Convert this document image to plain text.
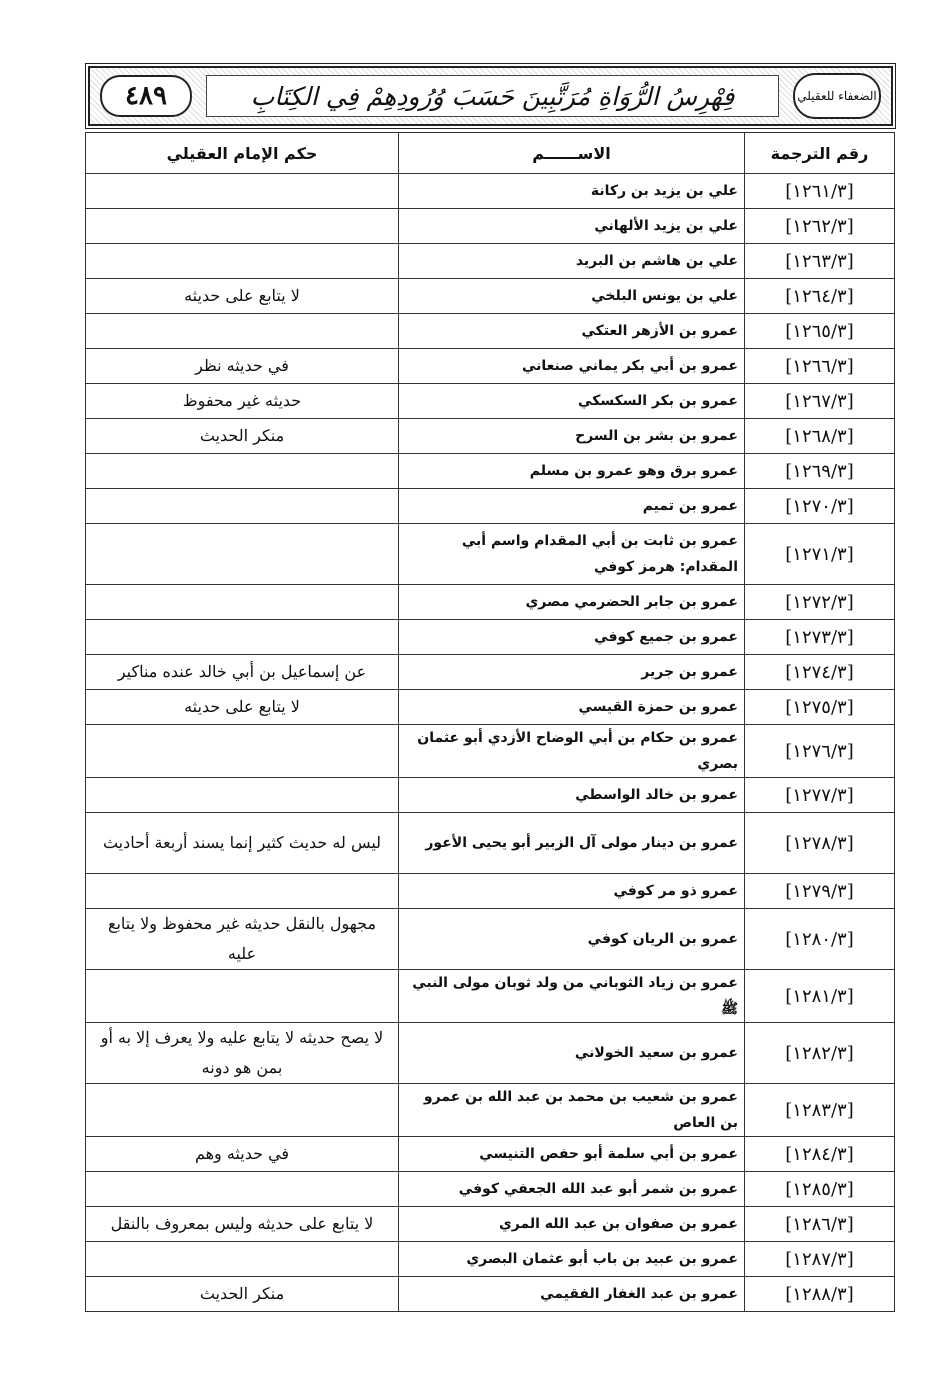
٤٨٩	فِهْرِسُ الرُّوَاةِ مُرَتَّبِينَ حَسَبَ وُرُودِهِمْ فِي الكِتَابِ	الضعفاء للعقيلي
رقم الترجمة	الاســــــم	حكم الإمام العقيلي
[١٢٦١/٣]	علي بن يزيد بن ركانة	
[١٢٦٢/٣]	علي بن يزيد الألهاني	
[١٢٦٣/٣]	علي بن هاشم بن البريد	
[١٢٦٤/٣]	علي بن يونس البلخي	لا يتابع على حديثه
[١٢٦٥/٣]	عمرو بن الأزهر العتكي	
[١٢٦٦/٣]	عمرو بن أبي بكر يماني صنعاني	في حديثه نظر
[١٢٦٧/٣]	عمرو بن بكر السكسكي	حديثه غير محفوظ
[١٢٦٨/٣]	عمرو بن بشر بن السرح	منكر الحديث
[١٢٦٩/٣]	عمرو برق وهو عمرو بن مسلم	
[١٢٧٠/٣]	عمرو بن تميم	
[١٢٧١/٣]	عمرو بن ثابت بن أبي المقدام واسم أبي المقدام: هرمز كوفي	
[١٢٧٢/٣]	عمرو بن جابر الحضرمي مصري	
[١٢٧٣/٣]	عمرو بن جميع كوفي	
[١٢٧٤/٣]	عمرو بن جرير	عن إسماعيل بن أبي خالد عنده مناكير
[١٢٧٥/٣]	عمرو بن حمزة القيسي	لا يتابع على حديثه
[١٢٧٦/٣]	عمرو بن حكام بن أبي الوضاح الأزدي أبو عثمان بصري	
[١٢٧٧/٣]	عمرو بن خالد الواسطي	
[١٢٧٨/٣]	عمرو بن دينار مولى آل الزبير أبو يحيى الأعور	ليس له حديث كثير إنما يسند أربعة أحاديث
[١٢٧٩/٣]	عمرو ذو مر كوفي	
[١٢٨٠/٣]	عمرو بن الريان كوفي	مجهول بالنقل حديثه غير محفوظ ولا يتابع عليه
[١٢٨١/٣]	عمرو بن زياد الثوباني من ولد ثوبان مولى النبي ﷺ	
[١٢٨٢/٣]	عمرو بن سعيد الخولاني	لا يصح حديثه لا يتابع عليه ولا يعرف إلا به أو بمن هو دونه
[١٢٨٣/٣]	عمرو بن شعيب بن محمد بن عبد الله بن عمرو بن العاص	
[١٢٨٤/٣]	عمرو بن أبي سلمة أبو حفص التنيسي	في حديثه وهم
[١٢٨٥/٣]	عمرو بن شمر أبو عبد الله الجعفي كوفي	
[١٢٨٦/٣]	عمرو بن صفوان بن عبد الله المري	لا يتابع على حديثه وليس بمعروف بالنقل
[١٢٨٧/٣]	عمرو بن عبيد بن باب أبو عثمان البصري	
[١٢٨٨/٣]	عمرو بن عبد الغفار الفقيمي	منكر الحديث
